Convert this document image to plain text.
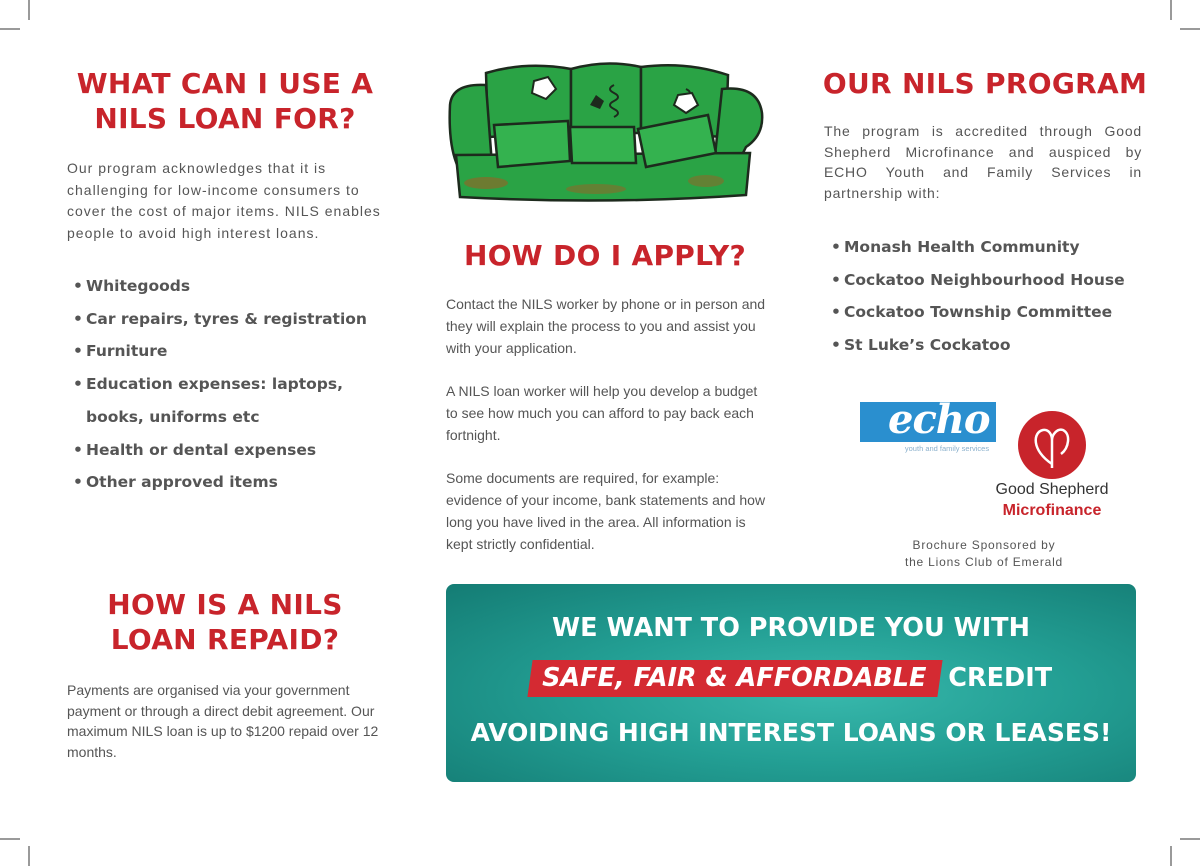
WHAT CAN I USE A NILS LOAN FOR?

Our program acknowledges that it is challenging for low-income consumers to cover the cost of major items. NILS enables people to avoid high interest loans.

• Whitegoods
• Car repairs, tyres & registration
• Furniture
• Education expenses: laptops, books, uniforms etc
• Health or dental expenses
• Other approved items
HOW IS A NILS LOAN REPAID?

Payments are organised via your government payment or through a direct debit agreement. Our maximum NILS loan is up to $1200 repaid over 12 months.

HOW DO I APPLY?

Contact the NILS worker by phone or in person and they will explain the process to you and assist you with your application.

A NILS loan worker will help you develop a budget to see how much you can afford to pay back each fortnight.

Some documents are required, for example: evidence of your income, bank statements and how long you have lived in the area. All information is kept strictly confidential.

OUR NILS PROGRAM

The program is accredited through Good Shepherd Microfinance and auspiced by ECHO Youth and Family Services in partnership with:

• Monash Health Community
• Cockatoo Neighbourhood House
• Cockatoo Township Committee
• St Luke’s Cockatoo
echo
youth and family services
Good Shepherd
Microfinance
Brochure Sponsored by
the Lions Club of Emerald
WE WANT TO PROVIDE YOU WITH
SAFE, FAIR & AFFORDABLE CREDIT
AVOIDING HIGH INTEREST LOANS OR LEASES!
